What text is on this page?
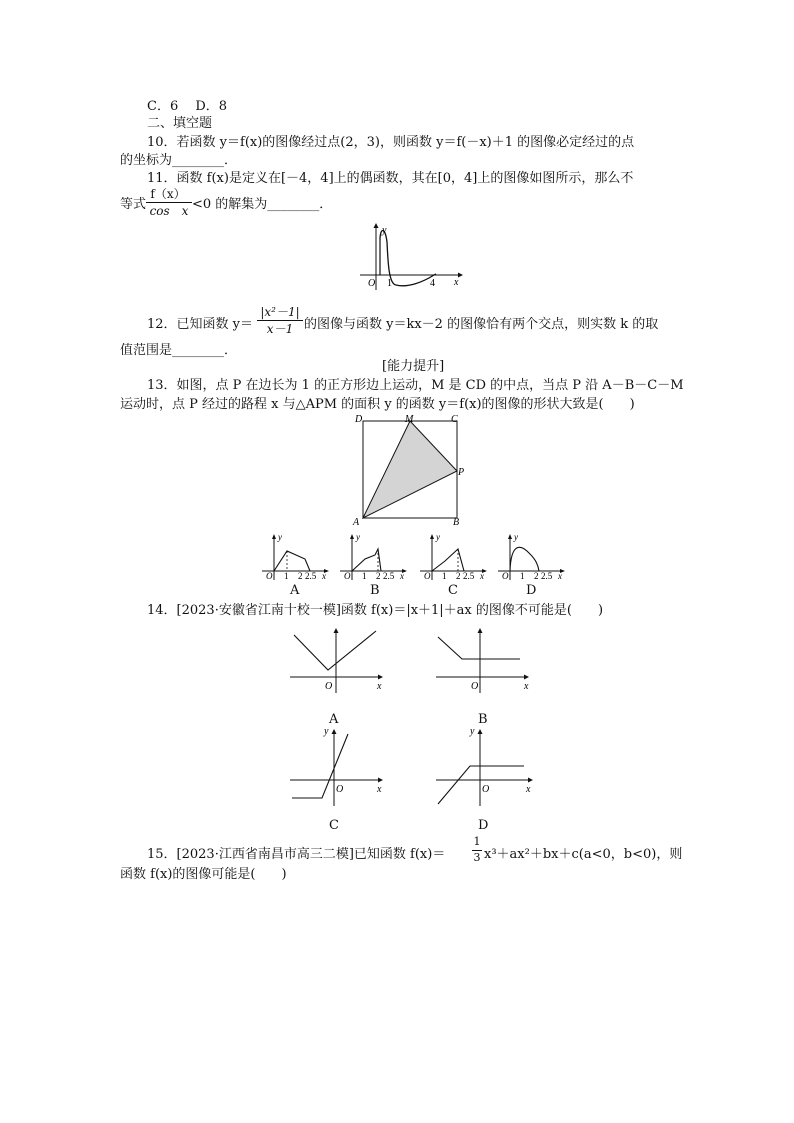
C．6　 D．8
二、填空题
10．若函数 y＝f(x)的图像经过点(2，3)，则函数 y＝f(－x)＋1 的图像必定经过的点
的坐标为________．
11．函数 f(x)是定义在[－4，4]上的偶函数，其在[0，4]上的图像如图所示，那么不
等式
f（x）
cos　x <0 的解集为________．
y
O 1	4 x
12．已知函数 y＝
|x²－1|
x－1 的图像与函数 y＝kx－2 的图像恰有两个交点，则实数 k 的取
值范围是________．
[能力提升]
13．如图，点 P 在边长为 1 的正方形边上运动，M 是 CD 的中点，当点 P 沿 A－B－C－M
运动时，点 P 经过的路程 x 与△APM 的面积 y 的函数 y＝f(x)的图像的形状大致是(　　)
D	M	C
P
A	B
y
O 1 2 2.5 x
A
y
O 1 2 2.5 x
B
y
O 1 2 2.5 x
C
y
O 1 2 2.5 x
D
14．[2023·安徽省江南十校一模]函数 f(x)＝|x＋1|＋ax 的图像不可能是(　　)
O	x
A
O	x
B
y
O	x
C
y
O	x
D
15．[2023·江西省南昌市高三二模]已知函数 f(x)＝
1
3 x³＋ax²＋bx＋c(a<0，b<0)，则
函数 f(x)的图像可能是(　　)
